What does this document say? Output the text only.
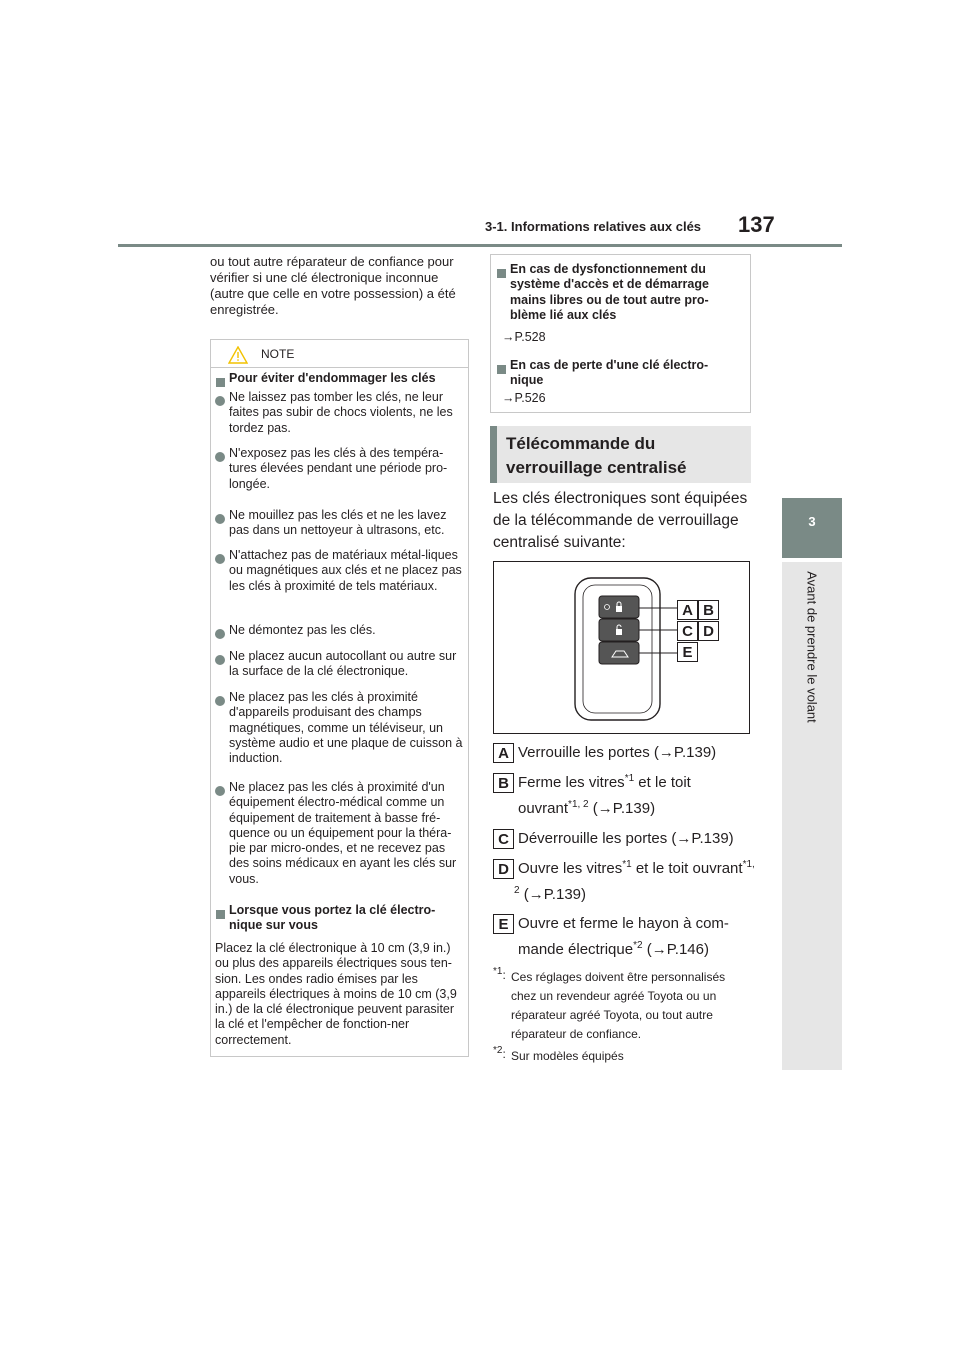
137
3-1. Informations relatives aux clés
3
Avant de prendre le volant
ou tout autre réparateur de confiance pour vérifier si une clé électronique inconnue (autre que celle en votre possession) a été enregistrée.
NOTE
Pour éviter d'endommager les clés
Ne laissez pas tomber les clés, ne leur faites pas subir de chocs violents, ne les tordez pas.
N'exposez pas les clés à des tempéra-tures élevées pendant une période pro-longée.
Ne mouillez pas les clés et ne les lavez pas dans un nettoyeur à ultrasons, etc.
N'attachez pas de matériaux métal-liques ou magnétiques aux clés et ne placez pas les clés à proximité de tels matériaux.
Ne démontez pas les clés.
Ne placez aucun autocollant ou autre sur la surface de la clé électronique.
Ne placez pas les clés à proximité d'appareils produisant des champs magnétiques, comme un téléviseur, un système audio et une plaque de cuisson à induction.
Ne placez pas les clés à proximité d'un équipement électro-médical comme un équipement de traitement à basse fré-quence ou un équipement pour la théra-pie par micro-ondes, et ne recevez pas des soins médicaux en ayant les clés sur vous.
Lorsque vous portez la clé électro-nique sur vous
Placez la clé électronique à 10 cm (3,9 in.) ou plus des appareils électriques sous ten-sion. Les ondes radio émises par les appareils électriques à moins de 10 cm (3,9 in.) de la clé électronique peuvent parasiter la clé et l'empêcher de fonction-ner correctement.
En cas de dysfonctionnement du système d'accès et de démarrage mains libres ou de tout autre pro-blème lié aux clés
→P.528
En cas de perte d'une clé électro-nique
→P.526
Télécommande du verrouillage centralisé
Les clés électroniques sont équipées de la télécommande de verrouillage centralisé suivante:
A B
C D
E
A Verrouille les portes (→P.139)
B Ferme les vitres$^{*1}$ et le toit
ouvrant$^{*1, 2}$ (→P.139)
C Déverrouille les portes (→P.139)
D Ouvre les vitres$^{*1}$ et le toit ouvrant$^{*1,}$
$^2$ (→P.139)
E Ouvre et ferme le hayon à com-
mande électrique$^{*2}$ (→P.146)
$^{*1}$: Ces réglages doivent être personnalisés chez un revendeur agréé Toyota ou un réparateur agréé Toyota, ou tout autre réparateur de confiance.
$^{*2}$: Sur modèles équipés
